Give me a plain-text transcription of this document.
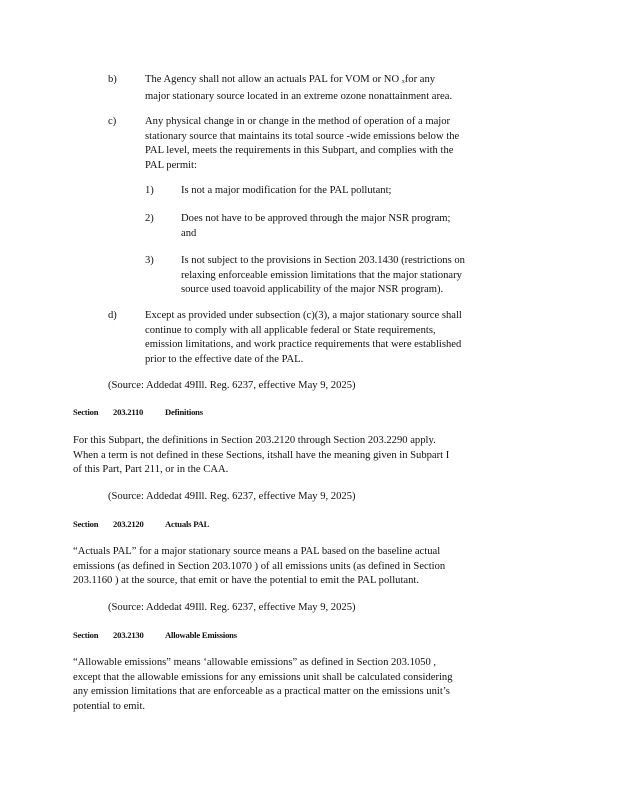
b)	The Agency shall not allow an actuals PAL for VOM or NO $_x$for any
major stationary source located in an extreme ozone nonattainment area.
c)	Any physical change in or change in the method of operation of a major
stationary source that maintains its total source -wide emissions below the
PAL level, meets the requirements in this Subpart, and complies with the
PAL permit:
1)	Is not a major modification for the PAL pollutant;
2)	Does not have to be approved through the major NSR program;
and
3)	Is not subject to the provisions in Section 203.1430 (restrictions on
relaxing enforceable emission limitations that the major stationary
source used toavoid applicability of the major NSR program).
d)	Except as provided under subsection (c)(3), a major stationary source shall
continue to comply with all applicable federal or State requirements,
emission limitations, and work practice requirements that were established
prior to the effective date of the PAL.
(Source: Addedat 49Ill. Reg. 6237, effective May 9, 2025)
Section 203.2110	Definitions
For this Subpart, the definitions in Section 203.2120 through Section 203.2290 apply.
When a term is not defined in these Sections, itshall have the meaning given in Subpart I
of this Part, Part 211, or in the CAA.
(Source: Addedat 49Ill. Reg. 6237, effective May 9, 2025)
Section 203.2120 Actuals PAL
“Actuals PAL” for a major stationary source means a PAL based on the baseline actual
emissions (as defined in Section 203.1070 ) of all emissions units (as defined in Section
203.1160 ) at the source, that emit or have the potential to emit the PAL pollutant.
(Source: Addedat 49Ill. Reg. 6237, effective May 9, 2025)
Section 203.2130 Allowable Emissions
“Allowable emissions” means ‘allowable emissions” as defined in Section 203.1050 ,
except that the allowable emissions for any emissions unit shall be calculated considering
any emission limitations that are enforceable as a practical matter on the emissions unit’s
potential to emit.
